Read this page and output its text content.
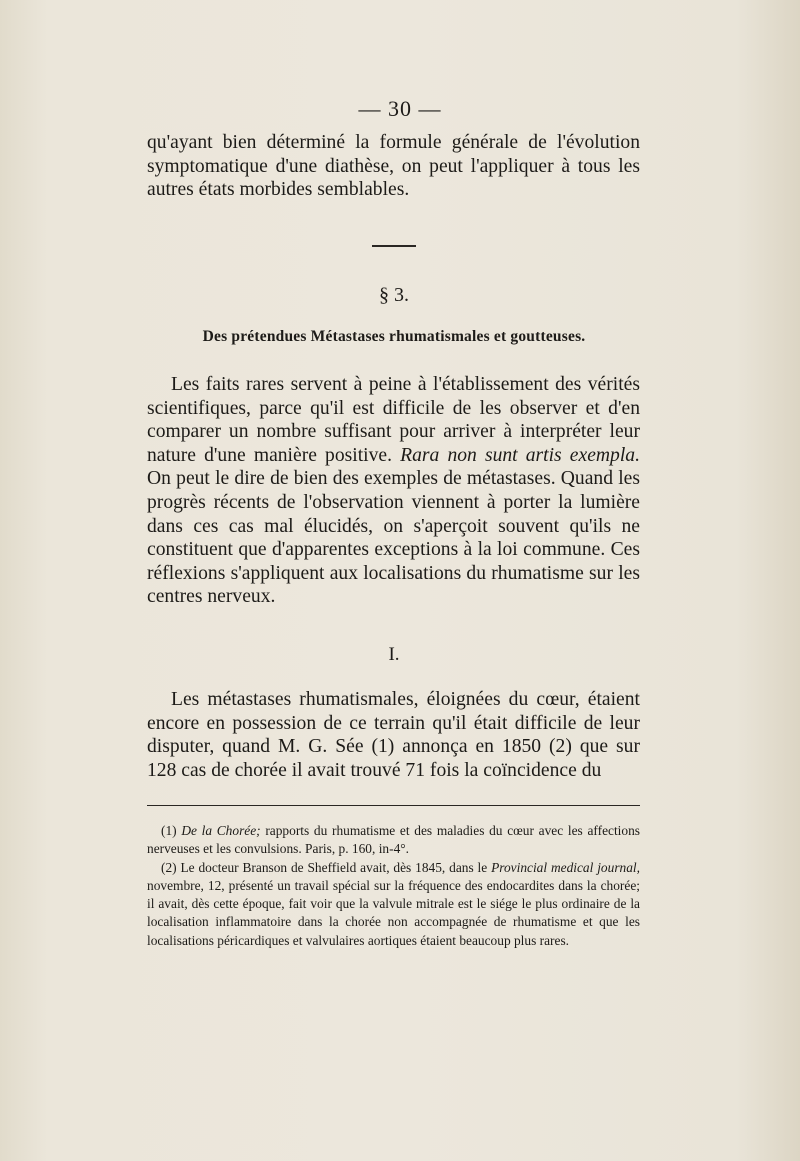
— 30 —

qu'ayant bien déterminé la formule générale de l'évolution symptomatique d'une diathèse, on peut l'appliquer à tous les autres états morbides semblables.

§ 3.
Des prétendues Métastases rhumatismales et goutteuses.

Les faits rares servent à peine à l'établissement des vérités scientifiques, parce qu'il est difficile de les observer et d'en comparer un nombre suffisant pour arriver à interpréter leur nature d'une manière positive. Rara non sunt artis exempla. On peut le dire de bien des exemples de métastases. Quand les progrès récents de l'observation viennent à porter la lumière dans ces cas mal élucidés, on s'aperçoit souvent qu'ils ne constituent que d'apparentes exceptions à la loi commune. Ces réflexions s'appliquent aux localisations du rhumatisme sur les centres nerveux.

I.

Les métastases rhumatismales, éloignées du cœur, étaient encore en possession de ce terrain qu'il était difficile de leur disputer, quand M. G. Sée (1) annonça en 1850 (2) que sur 128 cas de chorée il avait trouvé 71 fois la coïncidence du

(1) De la Chorée; rapports du rhumatisme et des maladies du cœur avec les affections nerveuses et les convulsions. Paris, p. 160, in-4°.

(2) Le docteur Branson de Sheffield avait, dès 1845, dans le Provincial medical journal, novembre, 12, présenté un travail spécial sur la fréquence des endocardites dans la chorée; il avait, dès cette époque, fait voir que la valvule mitrale est le siége le plus ordinaire de la localisation inflammatoire dans la chorée non accompagnée de rhumatisme et que les localisations péricardiques et valvulaires aortiques étaient beaucoup plus rares.
